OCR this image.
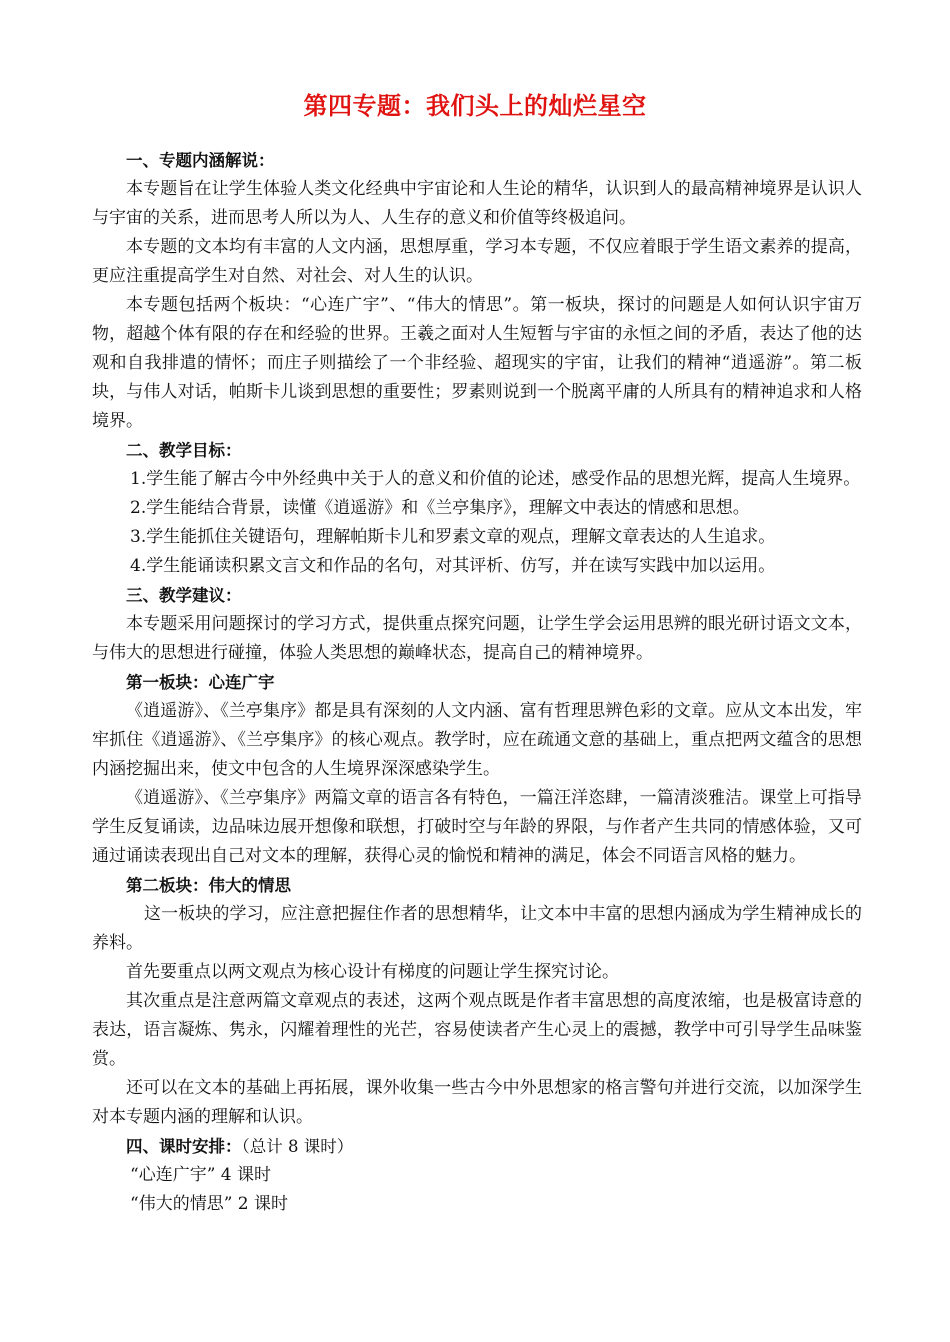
第四专题：我们头上的灿烂星空

一、专题内涵解说：

本专题旨在让学生体验人类文化经典中宇宙论和人生论的精华，认识到人的最高精神境界是认识人与宇宙的关系，进而思考人所以为人、人生存的意义和价值等终极追问。

本专题的文本均有丰富的人文内涵，思想厚重，学习本专题，不仅应着眼于学生语文素养的提高，更应注重提高学生对自然、对社会、对人生的认识。

本专题包括两个板块：“心连广宇”、“伟大的情思”。第一板块，探讨的问题是人如何认识宇宙万物，超越个体有限的存在和经验的世界。王羲之面对人生短暂与宇宙的永恒之间的矛盾，表达了他的达观和自我排遣的情怀；而庄子则描绘了一个非经验、超现实的宇宙，让我们的精神“逍遥游”。第二板块，与伟人对话，帕斯卡儿谈到思想的重要性；罗素则说到一个脱离平庸的人所具有的精神追求和人格境界。

二、教学目标：

1.学生能了解古今中外经典中关于人的意义和价值的论述，感受作品的思想光辉，提高人生境界。

2.学生能结合背景，读懂《逍遥游》和《兰亭集序》，理解文中表达的情感和思想。

3.学生能抓住关键语句，理解帕斯卡儿和罗素文章的观点，理解文章表达的人生追求。

4.学生能诵读积累文言文和作品的名句，对其评析、仿写，并在读写实践中加以运用。

三、教学建议：

本专题采用问题探讨的学习方式，提供重点探究问题，让学生学会运用思辨的眼光研讨语文文本，与伟大的思想进行碰撞，体验人类思想的巅峰状态，提高自己的精神境界。

第一板块：心连广宇

《逍遥游》、《兰亭集序》都是具有深刻的人文内涵、富有哲理思辨色彩的文章。应从文本出发，牢牢抓住《逍遥游》、《兰亭集序》的核心观点。教学时，应在疏通文意的基础上，重点把两文蕴含的思想内涵挖掘出来，使文中包含的人生境界深深感染学生。

《逍遥游》、《兰亭集序》两篇文章的语言各有特色，一篇汪洋恣肆，一篇清淡雅洁。课堂上可指导学生反复诵读，边品味边展开想像和联想，打破时空与年龄的界限，与作者产生共同的情感体验，又可通过诵读表现出自己对文本的理解，获得心灵的愉悦和精神的满足，体会不同语言风格的魅力。

第二板块：伟大的情思

这一板块的学习，应注意把握住作者的思想精华，让文本中丰富的思想内涵成为学生精神成长的养料。

首先要重点以两文观点为核心设计有梯度的问题让学生探究讨论。

其次重点是注意两篇文章观点的表述，这两个观点既是作者丰富思想的高度浓缩，也是极富诗意的表达，语言凝炼、隽永，闪耀着理性的光芒，容易使读者产生心灵上的震撼，教学中可引导学生品味鉴赏。

还可以在文本的基础上再拓展，课外收集一些古今中外思想家的格言警句并进行交流，以加深学生对本专题内涵的理解和认识。

四、课时安排：（总计 8 课时）

“心连广宇” 4 课时

“伟大的情思” 2 课时
